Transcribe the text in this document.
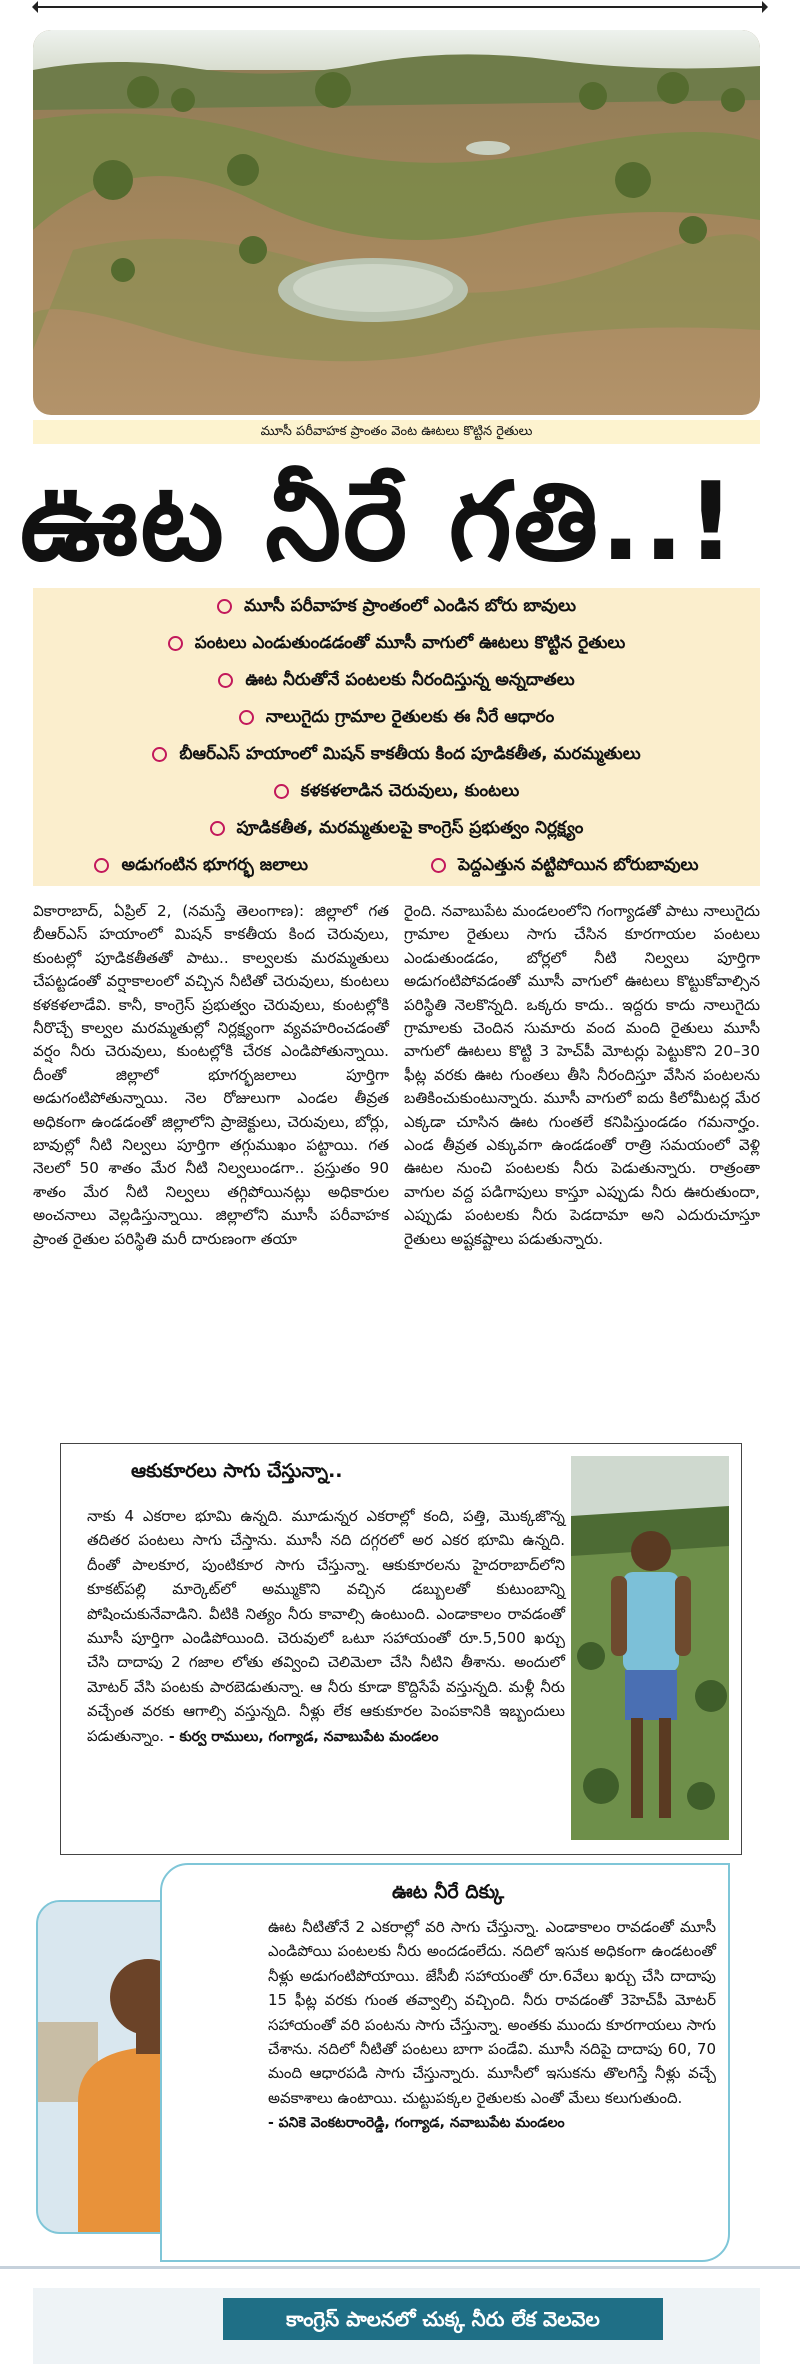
మూసీ పరీవాహక ప్రాంతం వెంట ఊటలు కొట్టిన రైతులు
ఊట నీరే గతి..!
మూసీ పరీవాహక ప్రాంతంలో ఎండిన బోరు బావులు
పంటలు ఎండుతుండడంతో మూసీ వాగులో ఊటలు కొట్టిన రైతులు
ఊట నీరుతోనే పంటలకు నీరందిస్తున్న అన్నదాతలు
నాలుగైదు గ్రామాల రైతులకు ఈ నీరే ఆధారం
బీఆర్‌ఎస్‌ హయాంలో మిషన్‌ కాకతీయ కింద పూడికతీత, మరమ్మతులు
కళకళలాడిన చెరువులు, కుంటలు
పూడికతీత, మరమ్మతులపై కాంగ్రెస్‌ ప్రభుత్వం నిర్లక్ష్యం
అడుగంటిన భూగర్భ జలాలు	పెద్దఎత్తున వట్టిపోయిన బోరుబావులు
వికారాబాద్‌, ఏప్రిల్‌ 2, (నమస్తే తెలంగాణ): జిల్లాలో గత బీఆర్‌ఎస్‌ హయాంలో మిషన్‌ కాకతీయ కింద చెరువులు, కుంటల్లో పూడికతీతతో పాటు.. కాల్వలకు మరమ్మతులు చేపట్టడంతో వర్షాకాలంలో వచ్చిన నీటితో చెరువులు, కుంటలు కళకళలాడేవి. కానీ, కాంగ్రెస్‌ ప్రభుత్వం చెరువులు, కుంటల్లోకి నీరొచ్చే కాల్వల మరమ్మతుల్లో నిర్లక్ష్యంగా వ్యవహరించడంతో వర్షం నీరు చెరువులు, కుంటల్లోకి చేరక ఎండిపోతున్నాయి. దీంతో జిల్లాలో భూగర్భజలాలు పూర్తిగా అడుగంటిపోతున్నాయి. నెల రోజులుగా ఎండల తీవ్రత అధికంగా ఉండడంతో జిల్లాలోని ప్రాజెక్టులు, చెరువులు, బోర్లు, బావుల్లో నీటి నిల్వలు పూర్తిగా తగ్గుముఖం పట్టాయి. గత నెలలో 50 శాతం మేర నీటి నిల్వలుండగా.. ప్రస్తుతం 90 శాతం మేర నీటి నిల్వలు తగ్గిపోయినట్లు అధికారుల అంచనాలు వెల్లడిస్తున్నాయి. జిల్లాలోని మూసీ పరీవాహక ప్రాంత రైతుల పరిస్థితి మరీ దారుణంగా తయా
రైంది. నవాబుపేట మండలంలోని గంగ్యాడతో పాటు నాలుగైదు గ్రామాల రైతులు సాగు చేసిన కూరగాయల పంటలు ఎండుతుండడం, బోర్లలో నీటి నిల్వలు పూర్తిగా అడుగంటిపోవడంతో మూసీ వాగులో ఊటలు కొట్టుకోవాల్సిన పరిస్థితి నెలకొన్నది. ఒక్కరు కాదు.. ఇద్దరు కాదు నాలుగైదు గ్రామాలకు చెందిన సుమారు వంద మంది రైతులు మూసీ వాగులో ఊటలు కొట్టి 3 హెచ్‌పీ మోటర్లు పెట్టుకొని 20–30 ఫీట్ల వరకు ఊట గుంతలు తీసి నీరందిస్తూ వేసిన పంటలను బతికించుకుంటున్నారు. మూసీ వాగులో ఐదు కిలోమీటర్ల మేర ఎక్కడా చూసిన ఊట గుంతలే కనిపిస్తుండడం గమనార్హం. ఎండ తీవ్రత ఎక్కువగా ఉండడంతో రాత్రి సమయంలో వెళ్లి ఊటల నుంచి పంటలకు నీరు పెడుతున్నారు. రాత్రంతా వాగుల వద్ద పడిగాపులు కాస్తూ ఎప్పుడు నీరు ఊరుతుందా, ఎప్పుడు పంటలకు నీరు పెడదామా అని ఎదురుచూస్తూ రైతులు అష్టకష్టాలు పడుతున్నారు.
ఆకుకూరలు సాగు చేస్తున్నా..
నాకు 4 ఎకరాల భూమి ఉన్నది. మూడున్నర ఎకరాల్లో కంది, పత్తి, మొక్కజొన్న తదితర పంటలు సాగు చేస్తాను. మూసీ నది దగ్గరలో అర ఎకర భూమి ఉన్నది. దీంతో పాలకూర, పుంటికూర సాగు చేస్తున్నా. ఆకుకూరలను హైదరాబాద్‌లోని కూకట్‌పల్లి మార్కెట్‌లో అమ్ముకొని వచ్చిన డబ్బులతో కుటుంబాన్ని పోషించుకునేవాడిని. వీటికి నిత్యం నీరు కావాల్సి ఉంటుంది. ఎండాకాలం రావడంతో మూసీ పూర్తిగా ఎండిపోయింది. చెరువులో ఒటూ సహాయంతో రూ.5,500 ఖర్చు చేసి దాదాపు 2 గజాల లోతు తవ్వించి చెలిమెలా చేసి నీటిని తీశాను. అందులో మోటర్‌ వేసి పంటకు పారబెడుతున్నా. ఆ నీరు కూడా కొద్దిసేపే వస్తున్నది. మళ్లీ నీరు వచ్చేంత వరకు ఆగాల్సి వస్తున్నది. నీళ్లు లేక ఆకుకూరల పెంపకానికి ఇబ్బందులు పడుతున్నాం. - కుర్వ రాములు, గంగ్యాడ, నవాబుపేట మండలం
ఊట నీరే దిక్కు
ఊట నీటితోనే 2 ఎకరాల్లో వరి సాగు చేస్తున్నా. ఎండాకాలం రావడంతో మూసీ ఎండిపోయి పంటలకు నీరు అందడంలేదు. నదిలో ఇసుక అధికంగా ఉండటంతో నీళ్లు అడుగంటిపోయాయి. జేసీబీ సహాయంతో రూ.6వేలు ఖర్చు చేసి దాదాపు 15 ఫీట్ల వరకు గుంత తవ్వాల్సి వచ్చింది. నీరు రావడంతో 3హెచ్‌పీ మోటర్‌ సహాయంతో వరి పంటను సాగు చేస్తున్నా. అంతకు ముందు కూరగాయలు సాగు చేశాను. నదిలో నీటితో పంటలు బాగా పండేవి. మూసీ నదిపై దాదాపు 60, 70 మంది ఆధారపడి సాగు చేస్తున్నారు. మూసీలో ఇసుకను తొలగిస్తే నీళ్లు వచ్చే అవకాశాలు ఉంటాయి. చుట్టుపక్కల రైతులకు ఎంతో మేలు కలుగుతుంది.
- పనికె వెంకటరాంరెడ్డి, గంగ్యాడ, నవాబుపేట మండలం
కాంగ్రెస్‌ పాలనలో చుక్క నీరు లేక వెలవెల
